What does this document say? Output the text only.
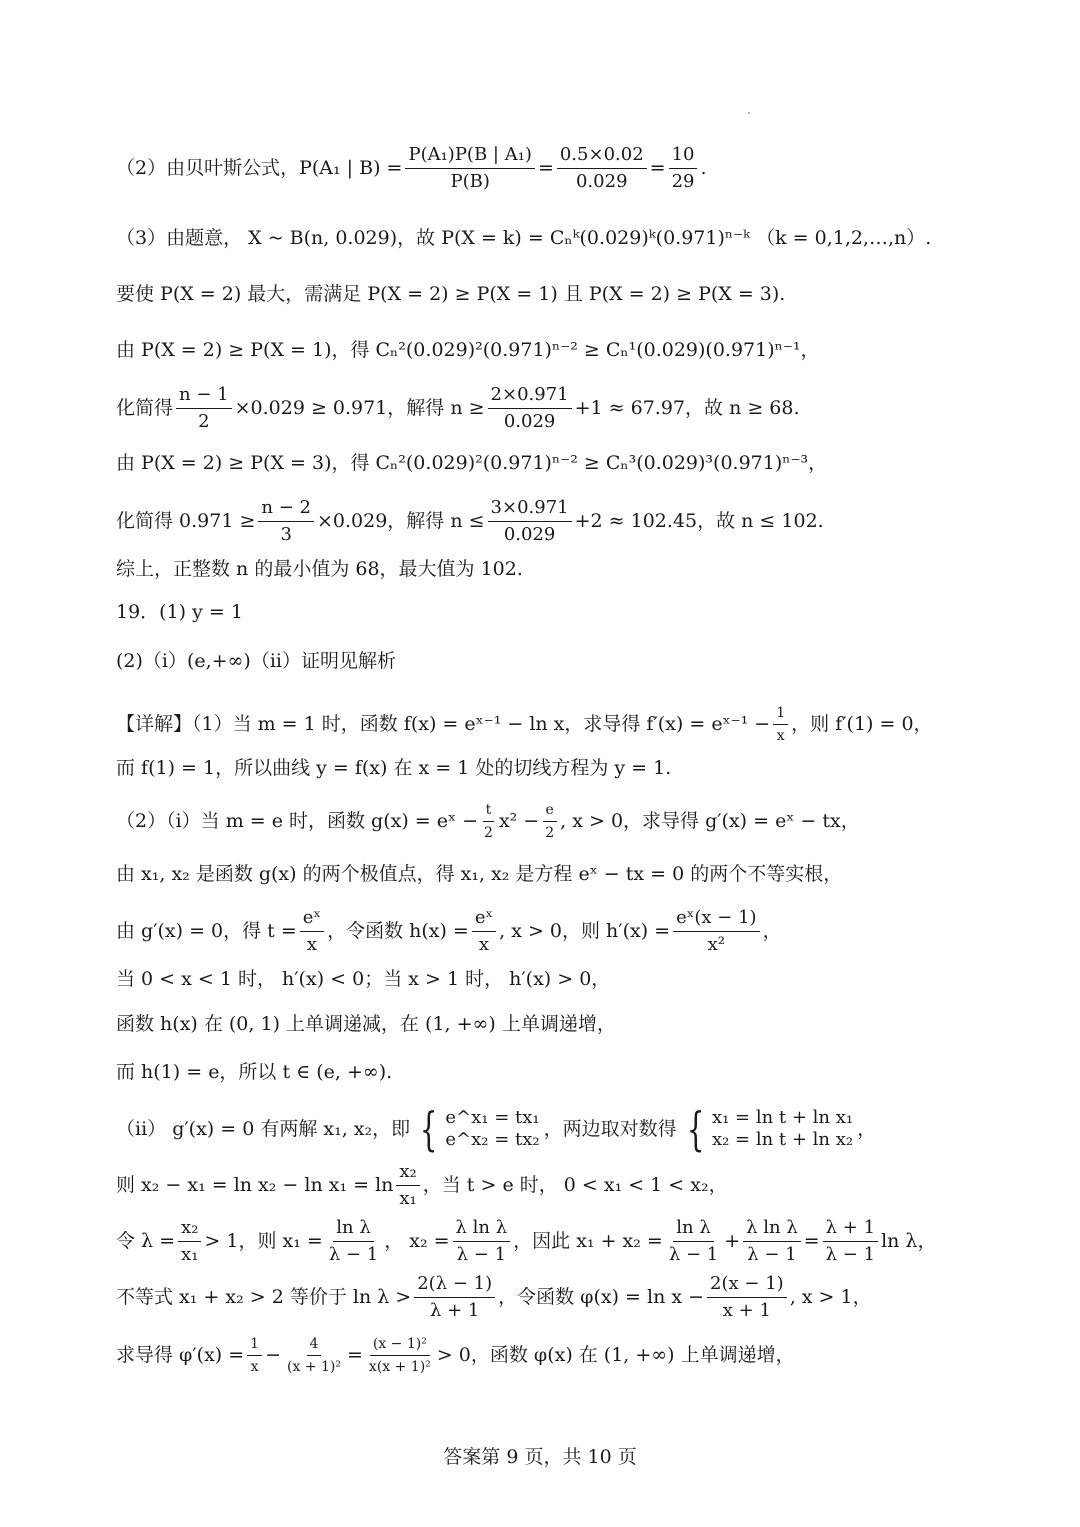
（2）由贝叶斯公式，P(A₁ | $B) = \frac{\text{P(A₁)P(B | A₁)}}{P(B)} = \frac{0.5\times 0.02}{0.029} = \frac{10}{29}$ .
（3）由题意， X ~ B(n, 0.029)，故 P(X = k) = Cₙᵏ(0.029)ᵏ(0.971)ⁿ⁻ᵏ （k = 0,1,2,…,n）.
要使 P(X = 2) 最大，需满足 P(X = 2) ≥ P(X = 1) 且 P(X = 2) ≥ P(X = 3).
由 P(X = 2) ≥ P(X = 1)，得 Cₙ²(0.029)²(0.971)ⁿ⁻² ≥ Cₙ¹(0.029)(0.971)ⁿ⁻¹，
化简得 $\frac{n - 1}{2} \times 0.029 \ge 0.971$，解得 $n \ge \frac{2\times 0.971}{0.029} +1 \approx 67.97$，故 n ≥ 68.
由 P(X = 2) ≥ P(X = 3)，得 Cₙ²(0.029)²(0.971)ⁿ⁻² ≥ Cₙ³(0.029)³(0.971)ⁿ⁻³，
化简得 $0.971 \ge \frac{n - 2}{3} \times 0.029$，解得 $n \le \frac{3\times 0.971}{0.029} +2 \approx 102.45$，故 n ≤ 102.
综上，正整数 n 的最小值为 68，最大值为 102.
19．(1) y = 1
(2)（i）(e,+∞)（ii）证明见解析
【详解】（1）当 m = 1 时，函数 f(x) = eˣ⁻¹ − ln x，求导得 f′(x) = eˣ⁻¹ − $\frac{1}{x}$ ，则 f′(1) = 0，
而 f(1) = 1，所以曲线 y = f(x) 在 x = 1 处的切线方程为 y = 1.
（2）（i）当 m = e 时，函数 g(x) = eˣ − $\frac{t}{2} x^2 - \frac{e}{2}$ , x > 0，求导得 g′(x) = eˣ − tx，
由 x₁, x₂ 是函数 g(x) 的两个极值点，得 x₁, x₂ 是方程 eˣ − tx = 0 的两个不等实根，
由 g′(x) = 0，得 $t = \frac{\text{eˣ}}{x}$ ，令函数 $h(x) = \frac{\text{eˣ}}{x}$ , x > 0，则 $h'(x) = \frac{\text{eˣ(x − 1)}}{\text{x²}}$ ，
当 0 < x < 1 时， h′(x) < 0；当 x > 1 时， h′(x) > 0，
函数 h(x) 在 (0, 1) 上单调递减，在 (1, +∞) 上单调递增，
而 h(1) = e，所以 t ∈ (e, +∞).
（ii） g′(x) = 0 有两解 x₁, x₂，即 { e^x₁ = tx₁
e^x₂ = tx₂ ，两边取对数得 { x₁ = ln t + ln x₁
x₂ = ln t + ln x₂ ，
则 $x_2 - x_1 = \ln x_2 - \ln x_1 = \ln \frac{\text{x₂}}{\text{x₁}}$ ，当 t > e 时， 0 < x₁ < 1 < x₂，
令 $\lambda = \frac{\text{x₂}}{\text{x₁}} > 1$，则 $x_1 = \frac{\text{ln λ}}{\lambda - 1}$ ， $x_2 = \frac{\text{λ ln λ}}{\lambda - 1}$ ，因此 $x_1 + x_2 = \frac{\text{ln λ}}{\lambda - 1} + \frac{\text{λ ln λ}}{\lambda - 1} = \frac{\lambda + 1}{\lambda - 1}$ ln λ，
不等式 x₁ + x₂ > 2 等价于 $\ln \lambda > \frac{2(\lambda - 1)}{\lambda + 1}$ ，令函数 $\varphi(x) = \ln x - \frac{2(x - 1)}{x + 1}$ , x > 1，
求导得 $\varphi'(x) = \frac{1}{x} - \frac{4}{\text{(x + 1)²}} = \frac{\text{(x − 1)²}}{\text{x(x + 1)²}} > 0$，函数 φ(x) 在 (1, +∞) 上单调递增，
答案第 9 页，共 10 页
